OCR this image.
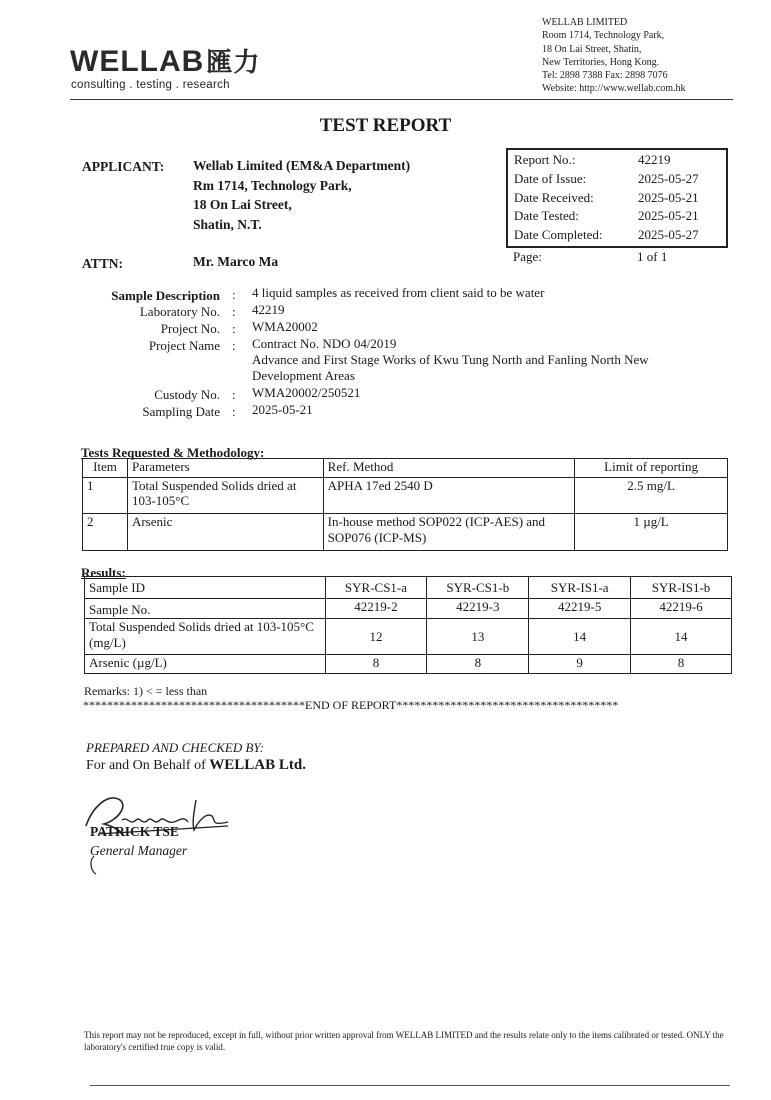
WELLAB匯力
consulting . testing . research
WELLAB LIMITED
Room 1714, Technology Park,
18 On Lai Street, Shatin,
New Territories, Hong Kong.
Tel: 2898 7388 Fax: 2898 7076
Website: http://www.wellab.com.hk
TEST REPORT
APPLICANT: Wellab Limited (EM&A Department)
Rm 1714, Technology Park,
18 On Lai Street,
Shatin, N.T.
ATTN:	Mr. Marco Ma
Report No.:	42219
Date of Issue:	2025-05-27
Date Received:	2025-05-21
Date Tested:	2025-05-21
Date Completed:	2025-05-27
Page:	1 of 1
Sample Description : 4 liquid samples as received from client said to be water
Laboratory No. : 42219
Project No. : WMA20002
Project Name : Contract No. NDO 04/2019
Advance and First Stage Works of Kwu Tung North and Fanling North New
Development Areas
Custody No. : WMA20002/250521
Sampling Date : 2025-05-21
Tests Requested & Methodology:
Item	Parameters	Ref. Method	Limit of reporting
1	Total Suspended Solids dried at 103-105°C	APHA 17ed 2540 D	2.5 mg/L
2	Arsenic	In-house method SOP022 (ICP-AES) and SOP076 (ICP-MS)	1 µg/L
Results:
Sample ID	SYR-CS1-a	SYR-CS1-b	SYR-IS1-a	SYR-IS1-b
Sample No.	42219-2	42219-3	42219-5	42219-6
Total Suspended Solids dried at 103-105°C (mg/L)	12	13	14	14
Arsenic (µg/L)	8	8	9	8
Remarks: 1) < = less than
*************************************END OF REPORT*************************************
PREPARED AND CHECKED BY:
For and On Behalf of WELLAB Ltd.
PATRICK TSE
General Manager
This report may not be reproduced, except in full, without prior written approval from WELLAB LIMITED and the results relate only to the items calibrated or tested. ONLY the laboratory's certified true copy is valid.
